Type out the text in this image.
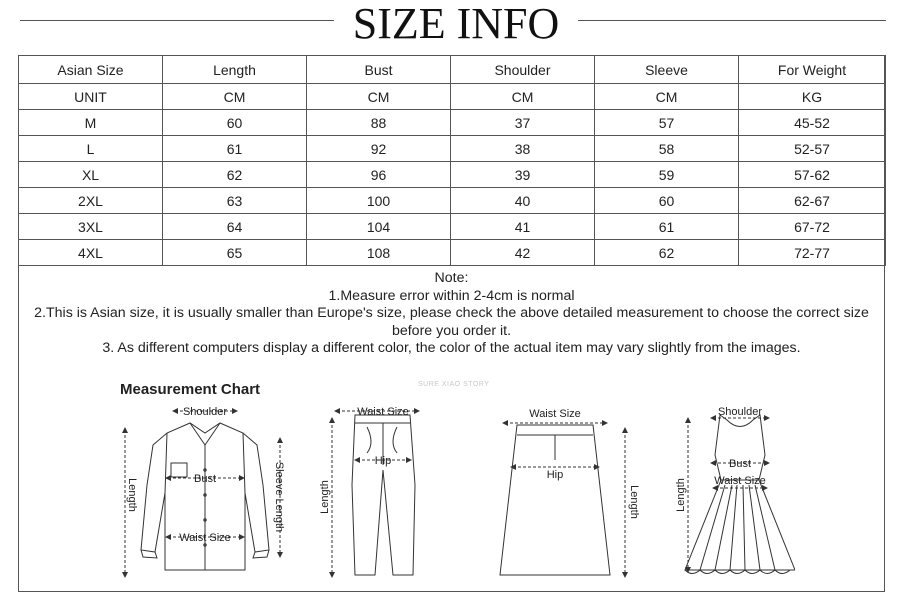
SIZE INFO
Asian Size	Length	Bust	Shoulder	Sleeve	For Weight
UNIT	CM	CM	CM	CM	KG
M	60	88	37	57	45-52
L	61	92	38	58	52-57
XL	62	96	39	59	57-62
2XL	63	100	40	60	62-67
3XL	64	104	41	61	67-72
4XL	65	108	42	62	72-77
Note:
1.Measure error within 2-4cm is normal
2.This is Asian size, it is usually smaller than Europe's size, please check the above detailed measurement to choose the correct size before you order it.
3. As different computers display a different color, the color of the actual item may vary slightly from the images.
Measurement Chart	SURE XIAO STORY
Shoulder
Bust
Waist Size
Length	Sleeve Length
Waist Size
Hip
Length
Waist Size
Hip
Length
Shoulder
Bust
Waist Size
Length
